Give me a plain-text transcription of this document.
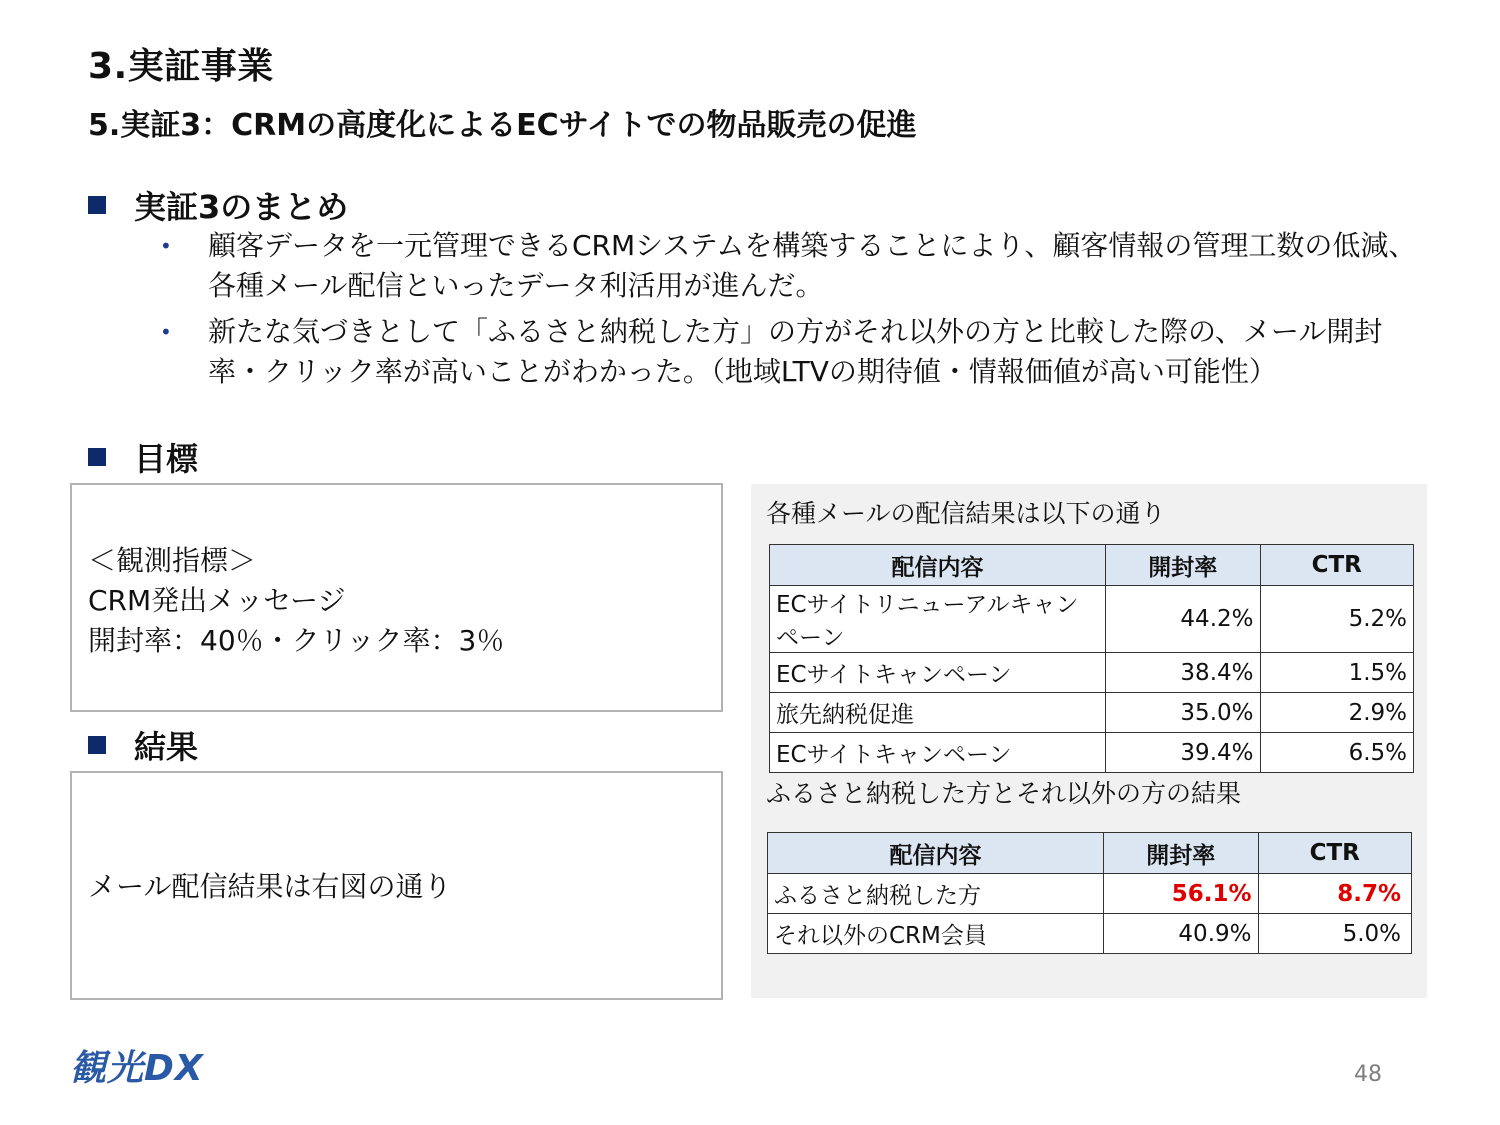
3.実証事業
5.実証3：CRMの高度化によるECサイトでの物品販売の促進
実証3のまとめ
•	顧客データを一元管理できるCRMシステムを構築することにより、顧客情報の管理工数の低減、各種メール配信といったデータ利活用が進んだ。
•	新たな気づきとして「ふるさと納税した方」の方がそれ以外の方と比較した際の、メール開封率・クリック率が高いことがわかった。（地域LTVの期待値・情報価値が高い可能性）
目標
＜観測指標＞
CRM発出メッセージ
開封率：40％・クリック率：3％
結果
メール配信結果は右図の通り
各種メールの配信結果は以下の通り
配信内容	開封率	CTR
ECサイトリニューアルキャンペーン	44.2%	5.2%
ECサイトキャンペーン	38.4%	1.5%
旅先納税促進	35.0%	2.9%
ECサイトキャンペーン	39.4%	6.5%
ふるさと納税した方とそれ以外の方の結果
配信内容	開封率	CTR
ふるさと納税した方	56.1%	8.7%
それ以外のCRM会員	40.9%	5.0%
観光DX	48
